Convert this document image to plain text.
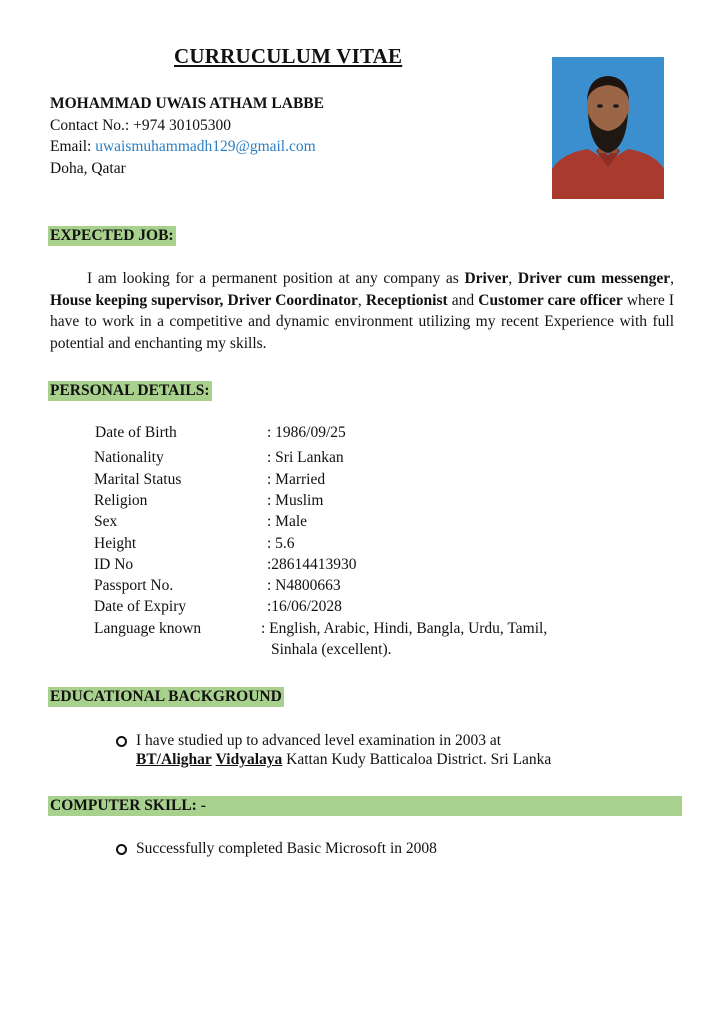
CURRUCULUM VITAE
MOHAMMAD UWAIS ATHAM LABBE
Contact No.: +974 30105300
Email: uwaismuhammadh129@gmail.com
Doha, Qatar
EXPECTED JOB:
I am looking for a permanent position at any company as Driver, Driver cum messenger, House keeping supervisor, Driver Coordinator, Receptionist and Customer care officer where I have to work in a competitive and dynamic environment utilizing my recent Experience with full potential and enchanting my skills.
PERSONAL DETAILS:
Date of Birth	: 1986/09/25
Nationality	: Sri Lankan
Marital Status	: Married
Religion	: Muslim
Sex	: Male
Height	: 5.6
ID No	:28614413930
Passport No.	: N4800663
Date of Expiry	:16/06/2028
Language known	: English, Arabic, Hindi, Bangla, Urdu, Tamil,
Sinhala (excellent).
EDUCATIONAL BACKGROUND
I have studied up to advanced level examination in 2003 at
BT/Alighar Vidyalaya Kattan Kudy Batticaloa District. Sri Lanka
COMPUTER SKILL: -
Successfully completed Basic Microsoft in 2008
